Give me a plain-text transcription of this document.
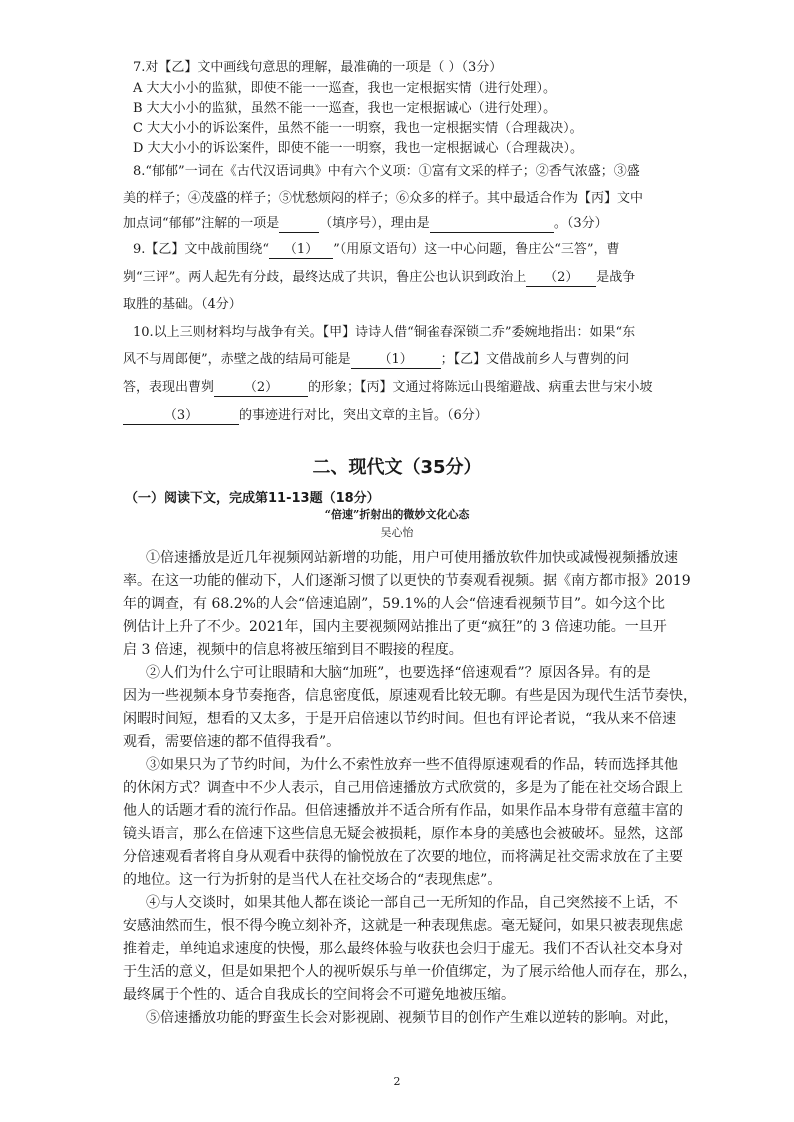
7.对【乙】文中画线句意思的理解，最准确的一项是（ ）（3分）
A 大大小小的监狱，即使不能一一巡查，我也一定根据实情（进行处理）。
B 大大小小的监狱，虽然不能一一巡查，我也一定根据诚心（进行处理）。
C 大大小小的诉讼案件，虽然不能一一明察，我也一定根据实情（合理裁决）。
D 大大小小的诉讼案件，即使不能一一明察，我也一定根据诚心（合理裁决）。
8.“郁郁”一词在《古代汉语词典》中有六个义项：①富有文采的样子；②香气浓盛；③盛
美的样子；④茂盛的样子；⑤忧愁烦闷的样子；⑥众多的样子。其中最适合作为【丙】文中
加点词“郁郁”注解的一项是	（填序号），理由是	。（3分）
9.【乙】文中战前围绕“ （1） ”（用原文语句）这一中心问题，鲁庄公“三答”，曹
刿“三评”。两人起先有分歧，最终达成了共识，鲁庄公也认识到政治上 （2） 是战争
取胜的基础。（4分）
10.以上三则材料均与战争有关。【甲】诗诗人借“铜雀春深锁二乔”委婉地指出：如果“东
风不与周郎便”，赤壁之战的结局可能是 （1） ；【乙】文借战前乡人与曹刿的问
答，表现出曹刿 （2） 的形象；【丙】文通过将陈远山畏缩避战、病重去世与宋小坡
（3）	的事迹进行对比，突出文章的主旨。（6分）
二、现代文（35分）
（一）阅读下文，完成第11-13题（18分）
“倍速”折射出的微妙文化心态
吴心怡
①倍速播放是近几年视频网站新增的功能，用户可使用播放软件加快或减慢视频播放速
率。在这一功能的催动下，人们逐渐习惯了以更快的节奏观看视频。据《南方都市报》2019
年的调查，有 68.2%的人会“倍速追剧”，59.1%的人会“倍速看视频节目”。如今这个比
例估计上升了不少。2021年，国内主要视频网站推出了更“疯狂”的 3 倍速功能。一旦开
启 3 倍速，视频中的信息将被压缩到目不暇接的程度。
②人们为什么宁可让眼睛和大脑“加班”，也要选择“倍速观看”？原因各异。有的是
因为一些视频本身节奏拖沓，信息密度低，原速观看比较无聊。有些是因为现代生活节奏快，
闲暇时间短，想看的又太多，于是开启倍速以节约时间。但也有评论者说，“我从来不倍速
观看，需要倍速的都不值得我看”。
③如果只为了节约时间，为什么不索性放弃一些不值得原速观看的作品，转而选择其他
的休闲方式？调查中不少人表示，自己用倍速播放方式欣赏的，多是为了能在社交场合跟上
他人的话题才看的流行作品。但倍速播放并不适合所有作品，如果作品本身带有意蕴丰富的
镜头语言，那么在倍速下这些信息无疑会被损耗，原作本身的美感也会被破坏。显然，这部
分倍速观看者将自身从观看中获得的愉悦放在了次要的地位，而将满足社交需求放在了主要
的地位。这一行为折射的是当代人在社交场合的“表现焦虑”。
④与人交谈时，如果其他人都在谈论一部自己一无所知的作品，自己突然接不上话，不
安感油然而生，恨不得今晚立刻补齐，这就是一种表现焦虑。毫无疑问，如果只被表现焦虑
推着走，单纯追求速度的快慢，那么最终体验与收获也会归于虚无。我们不否认社交本身对
于生活的意义，但是如果把个人的视听娱乐与单一价值绑定，为了展示给他人而存在，那么，
最终属于个性的、适合自我成长的空间将会不可避免地被压缩。
⑤倍速播放功能的野蛮生长会对影视剧、视频节目的创作产生难以逆转的影响。对此，
2
